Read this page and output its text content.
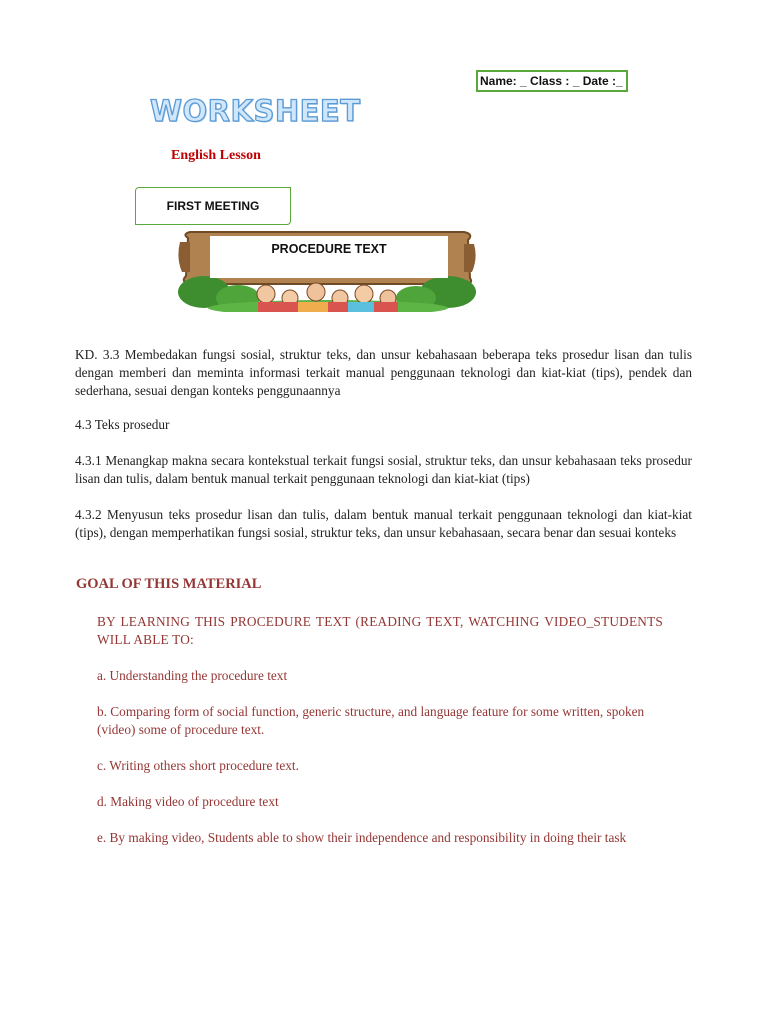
Name: _ Class : _ Date :_
WORKSHEET
English Lesson
FIRST MEETING
PROCEDURE TEXT
KD. 3.3 Membedakan fungsi sosial, struktur teks, dan unsur kebahasaan beberapa teks prosedur lisan dan tulis dengan memberi dan meminta informasi terkait manual penggunaan teknologi dan kiat-kiat (tips), pendek dan sederhana, sesuai dengan konteks penggunaannya
4.3 Teks prosedur
4.3.1 Menangkap makna secara kontekstual terkait fungsi sosial, struktur teks, dan unsur kebahasaan teks prosedur lisan dan tulis, dalam bentuk manual terkait penggunaan teknologi dan kiat-kiat (tips)
4.3.2 Menyusun teks prosedur lisan dan tulis, dalam bentuk manual terkait penggunaan teknologi dan kiat-kiat (tips), dengan memperhatikan fungsi sosial, struktur teks, dan unsur kebahasaan, secara benar dan sesuai konteks
GOAL OF THIS MATERIAL
BY LEARNING THIS PROCEDURE TEXT (READING TEXT, WATCHING VIDEO_STUDENTS WILL ABLE TO:
a. Understanding the procedure text
b. Comparing form of social function, generic structure, and language feature for some written, spoken (video) some of procedure text.
c. Writing others short procedure text.
d. Making video of procedure text
e. By making video, Students able to show their independence and responsibility in doing their task
